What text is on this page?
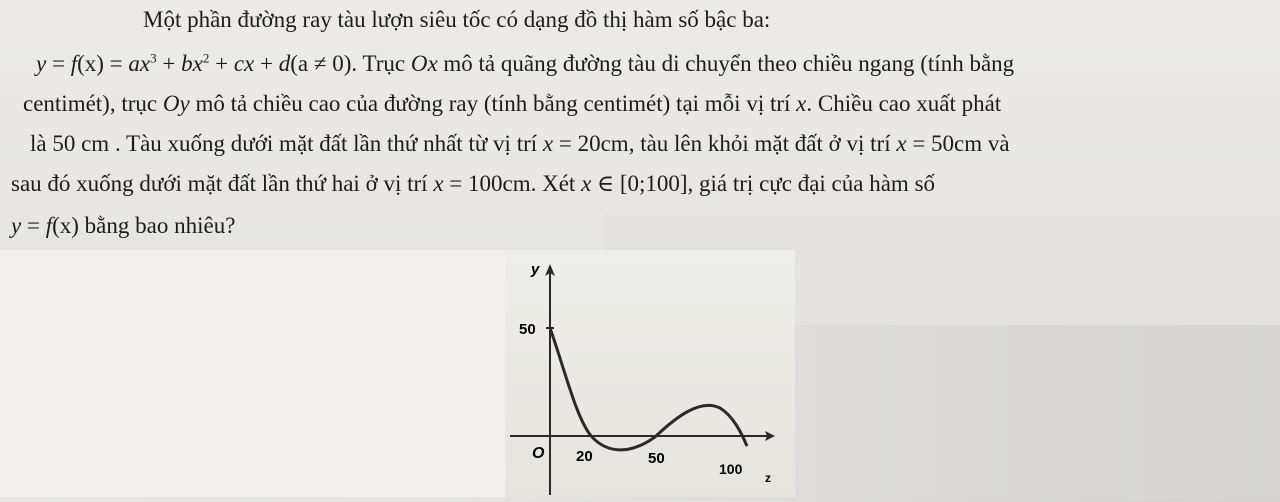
Một phần đường ray tàu lượn siêu tốc có dạng đồ thị hàm số bậc ba:
$y = f(x) = ax^3 + bx^2$ + cx + d(a ≠ 0). Trục Ox mô tả quãng đường tàu di chuyển theo chiều ngang (tính bằng
centimét), trục Oy mô tả chiều cao của đường ray (tính bằng centimét) tại mỗi vị trí x. Chiều cao xuất phát
là 50 cm . Tàu xuống dưới mặt đất lần thứ nhất từ vị trí x = 20cm, tàu lên khỏi mặt đất ở vị trí x = 50cm và
sau đó xuống dưới mặt đất lần thứ hai ở vị trí x = 100cm. Xét x ∈ [0;100], giá trị cực đại của hàm số
y = f(x) bằng bao nhiêu?
y
50
O 20	50
100
z
